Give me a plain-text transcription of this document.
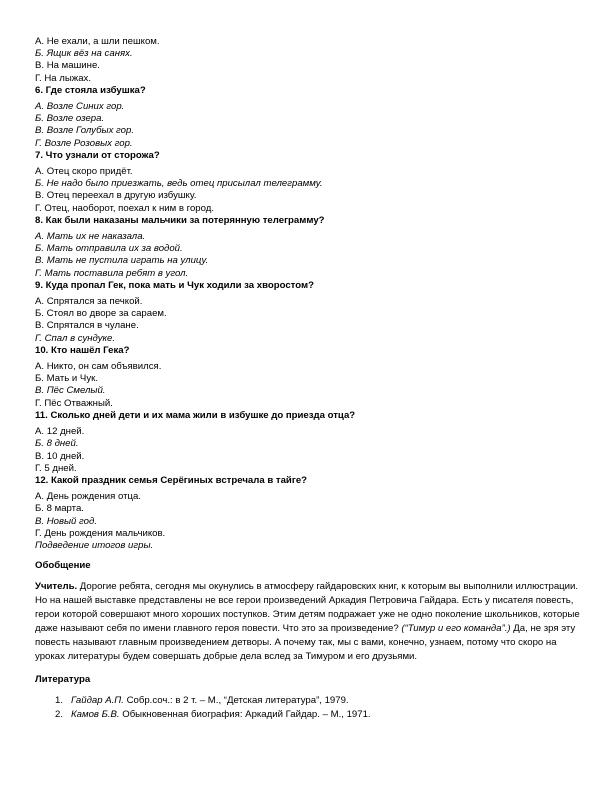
А. Не ехали, а шли пешком.
Б. Ящик вёз на санях.
В. На машине.
Г. На лыжах.
6. Где стояла избушка?
А. Возле Синих гор.
Б. Возле озера.
В. Возле Голубых гор.
Г. Возле Розовых гор.
7. Что узнали от сторожа?
А. Отец скоро придёт.
Б. Не надо было приезжать, ведь отец присылал телеграмму.
В. Отец переехал в другую избушку.
Г. Отец, наоборот, поехал к ним в город.
8. Как были наказаны мальчики за потерянную телеграмму?
А. Мать их не наказала.
Б. Мать отправила их за водой.
В. Мать не пустила играть на улицу.
Г. Мать поставила ребят в угол.
9. Куда пропал Гек, пока мать и Чук ходили за хворостом?
А. Спрятался за печкой.
Б. Стоял во дворе за сараем.
В. Спрятался в чулане.
Г. Спал в сундуке.
10. Кто нашёл Гека?
А. Никто, он сам объявился.
Б. Мать и Чук.
В. Пёс Смелый.
Г. Пёс Отважный.
11. Сколько дней дети и их мама жили в избушке до приезда отца?
А. 12 дней.
Б. 8 дней.
В. 10 дней.
Г. 5 дней.
12. Какой праздник семья Серёгиных встречала в тайге?
А. День рождения отца.
Б. 8 марта.
В. Новый год.
Г. День рождения мальчиков.
Подведение итогов игры.
Обобщение
Учитель. Дорогие ребята, сегодня мы окунулись в атмосферу гайдаровских книг, к которым вы выполнили иллюстрации. Но на нашей выставке представлены не все герои произведений Аркадия Петровича Гайдара. Есть у писателя повесть, герои которой совершают много хороших поступков. Этим детям подражает уже не одно поколение школьников, которые даже называют себя по имени главного героя повести. Что это за произведение? (“Тимур и его команда”.) Да, не зря эту повесть называют главным произведением детворы. А почему так, мы с вами, конечно, узнаем, потому что скоро на уроках литературы будем совершать добрые дела вслед за Тимуром и его друзьями.
Литература
1. Гайдар А.П. Собр.соч.: в 2 т. – М., “Детская литература”, 1979.
2. Камов Б.В. Обыкновенная биография: Аркадий Гайдар. – М., 1971.
